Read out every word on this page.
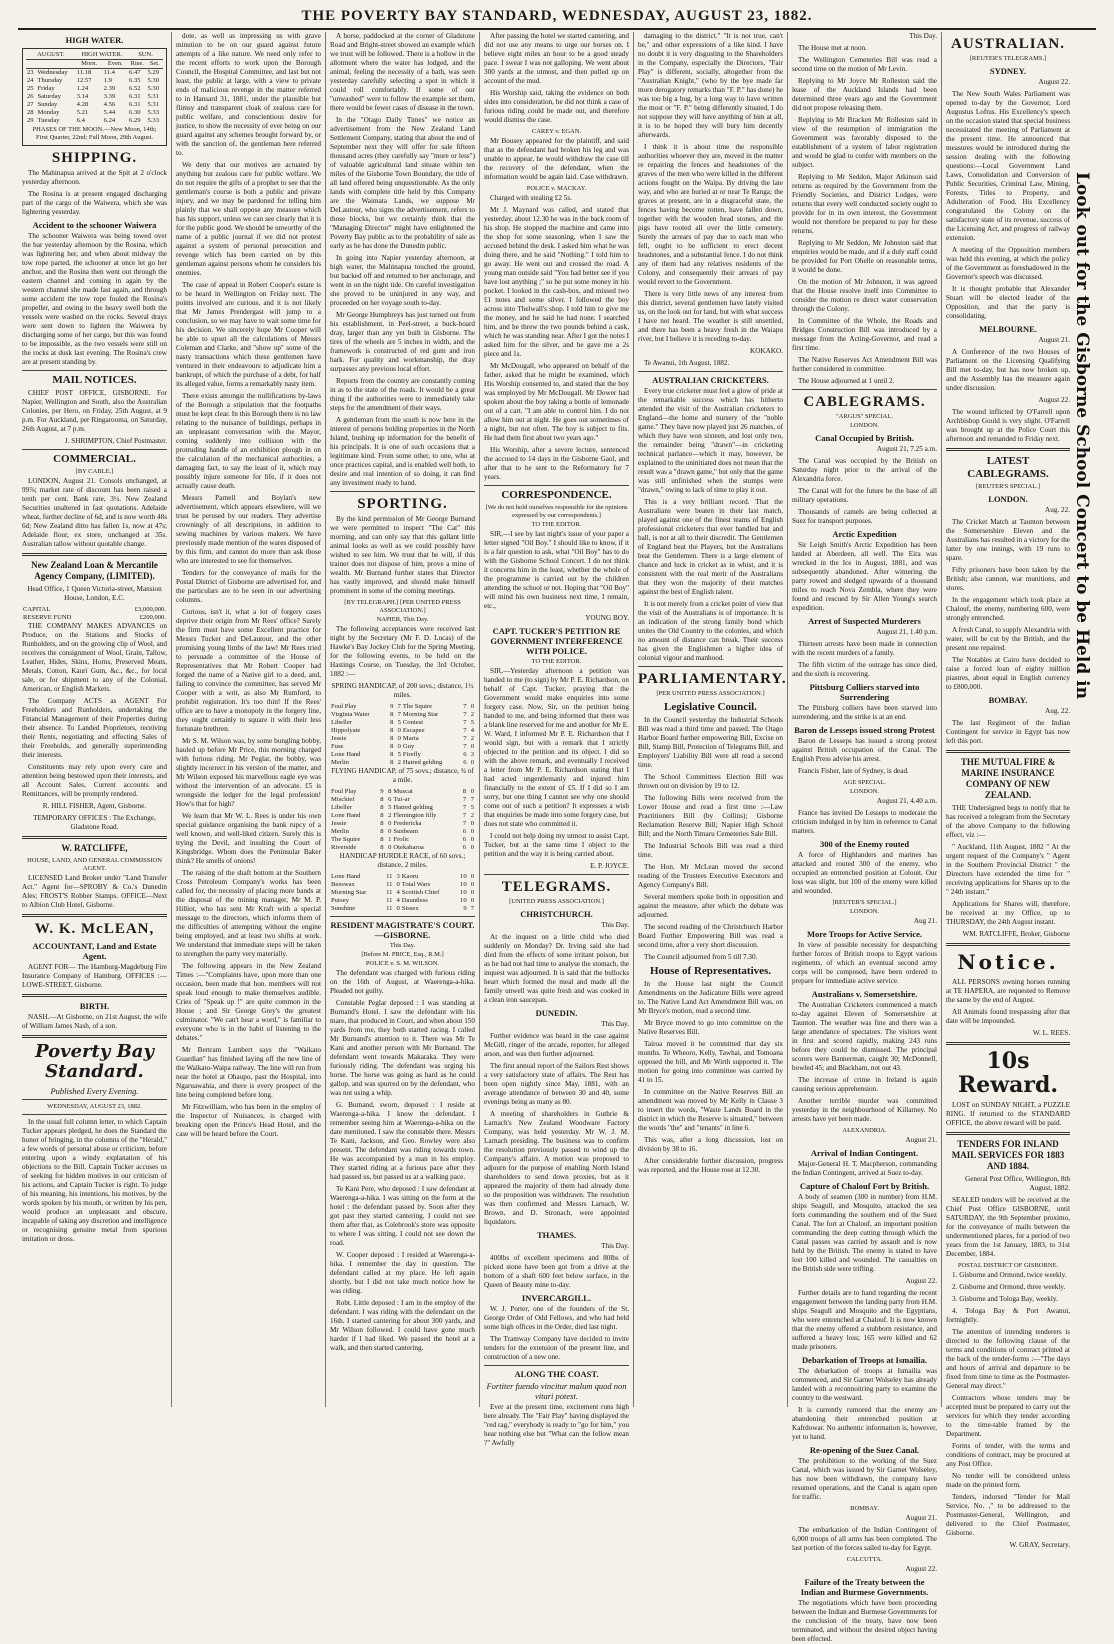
THE POVERTY BAY STANDARD, WEDNESDAY, AUGUST 23, 1882.
HIGH WATER.
AUGUST.		HIGH WATER.		SUN.	
		Morn.	Even.	Rise.	Set.
23	Wednesday	11.18	11.4	6.47	5.29
24	Thursday	12.57	1.9	6.35	5.30
25	Friday	1.24	2.39	6.52	5.30
26	Saturday	3.14	3.39	6.31	5.31
27	Sunday	4.28	4.56	6.31	5.31
28	Monday	5.21	5.44	6.30	5.33
29	Tuesday	6.4	6.24	6.29	5.33
PHASES OF THE MOON.—New Moon, 14th; First Quarter, 22nd; Full Moon, 29th August.
SHIPPING.

The Mahinapua arrived at the Spit at 2 o'clock yesterday afternoon.

The Rosina is at present engaged discharging part of the cargo of the Waiwera, which she was lightering yesterday.

Accident to the schooner Waiwera

The schooner Waiwera was being towed over the bar yesterday afternoon by the Rosina, which was lightering her, and when about midway the tow rope parted, the schooner at once let go her anchor, and the Rosina then went out through the eastern channel and coming in again by the western channel she made fast again, and through some accident the tow rope fouled the Rosina's propeller, and owing to the heavy swell both the vessels were washed on the rocks. Several drays were sent down to lighten the Waiwera by discharging some of her cargo, but this was found to be impossible, as the two vessels were still on the rocks at dusk last evening. The Rosina's crew are at present standing by.

MAIL NOTICES.

CHIEF POST OFFICE, GISBORNE. For Napier, Wellington and South, also the Australian Colonies, per Hero, on Friday, 25th August, at 9 p.m. For Auckland, per Ringarooma, on Saturday, 26th August, at 7 p.m.

J. SHRIMPTON, Chief Postmaster.

COMMERCIAL.
[BY CABLE.]

LONDON, August 21. Consols unchanged, at 99⅞; market rate of discount has been raised a tenth per cent. Bank rate, 3½. New Zealand Securities unaltered in fast quotations. Adelaide wheat, further decline of 6d, and is now worth 48s 6d; New Zealand ditto has fallen 1s, now at 47s; Adelaide flour, ex store, unchanged at 35s. Australian tallow without quotable change.

New Zealand Loan & Mercantile Agency Company, (LIMITED).

Head Office, 1 Queen Victoria-street, Mansion House, London, E.C.

CAPITAL	£3,000,000.
RESERVE FUND	£200,000.

THE COMPANY MAKES ADVANCES on Produce, on the Stations and Stocks of Runholders, and on the growing clip of Wool, and receives the consignment of Wool, Grain, Tallow, Leather, Hides, Skins, Horns, Preserved Meats, Metals, Cotton, Kauri Gum, &c., &c., for local sale, or for shipment to any of the Colonial, American, or English Markets.

The Company ACTS as AGENT For Freeholders and Runholders, undertaking the Financial Management of their Properties during their absence. To Landed Proprietors, receiving their Rents, negotiating and effecting Sales of their Freeholds, and generally superintending their interests.

Constituents may rely upon every care and attention being bestowed upon their interests, and all Account Sales, Current accounts and Remittances, will be promptly rendered.

R. HILL FISHER, Agent, Gisborne.

TEMPORARY OFFICES : The Exchange, Gladstone Road.

W. RATCLIFFE,
HOUSE, LAND, AND GENERAL COMMISSION AGENT.

LICENSED Land Broker under "Land Transfer Act." Agent for—SPROBY & Co.'s Dunedin Ales; FROST'S Robber Stamps. OFFICE—Next to Albion Club Hotel, Gisborne.

W. K. McLEAN,
ACCOUNTANT, Land and Estate Agent.

AGENT FOR— The Hamburg-Magdeburg Fire Insurance Company of Hamburg. OFFICES :—LOWE-STREET, Gisborne.

BIRTH.

NASH.—At Gisborne, on 21st August, the wife of William James Nash, of a son.

Poverty Bay Standard.
Published Every Evening.
WEDNESDAY, AUGUST 23, 1882.

In the usual full column letter, to which Captain Tucker appears pledged, he does the Standard the honor of bringing, in the columns of the "Herald," a few words of personal abuse or criticism, before entering upon a windy explanation of his objections to the Bill. Captain Tucker accuses us of seeking for hidden motives in our criticism of his actions, and Captain Tucker is right. To judge of his meaning, his intentions, his motives, by the words spoken by his mouth, or written by his pen, would produce an unpleasant and obscure, incapable of taking any discretion and intelligence or recognising genuine metal from spurious imitation or dross.

dote, as well as impressing us with grave minution to be on our guard against future attempts of a like nature. We need only refer to the recent efforts to work upon the Borough Council, the Hospital Committee, and last but not least, the public at large, with a view to private ends of malicious revenge in the matter referred to in Hansard 31, 1881, under the plausible but flimsy and transparent cloak of zealous care for public welfare, and conscientious desire for justice, to show the necessity of ever being on our guard against any schemes brought forward by, or with the sanction of, the gentleman here referred to.

We deny that our motives are actuated by anything but zealous care for public welfare. We do not require the gifts of a prophet to see that the gentleman's course is both a public and private injury, and we may be pardoned for telling him plainly that we shall oppose any measure which has his support, unless we can see clearly that it is for the public good. We should be unworthy of the name of a public journal if we did not protest against a system of personal persecution and revenge which has been carried on by this gentleman against persons whom he considers his enemies.

The case of appeal in Robert Cooper's estate is to be heard in Wellington on Friday next. The points involved are curious, and it is not likely that Mr James Prendergast will jump to a conclusion, so we may have to wait some time for his decision. We sincerely hope Mr Cooper will be able to upset all the calculations of Messrs Coleman and Clarke, and "show up" some of the nasty transactions which these gentlemen have ventured in their endeavours to adjudicate him a bankrupt, of which the purchase of a debt, for half its alleged value, forms a remarkably nasty item.

There exists amongst the nullifications by-laws of the Borough a stipulation that the footpaths must be kept clear. In this Borough there is no law relating to the nuisance of buildings, perhaps in an unpleasant conversation with the Mayor, coming suddenly into collision with the protruding handle of an exhibition plough in on the calculation of the mechanical authorities, a damaging fact, to say the least of it, which may possibly injure someone for life, if it does not actually cause death.

Messrs Parnell and Boylan's new advertisement, which appears elsewhere, will we trust be perused by our readers. They advertise crowningly of all descriptions, in addition to sewing machines by various makers. We have previously made mention of the wares disposed of by this firm, and cannot do more than ask those who are interested to see for themselves.

Tenders for the conveyance of mails for the Postal District of Gisborne are advertised for, and the particulars are to be seen in our advertising columns.

Curious, isn't it, what a lot of forgery cases deprive their origin from Mr Rees' office? Surely the firm must have some Excellent practice for Messrs Tucker and DeLautour, and the other promising young limbs of the law! Mr Rees tried to persuade a committee of the House of Representatives that Mr Robert Cooper had forged the name of a Native girl to a deed, and, failing to convince the committee, has served Mr Cooper with a writ, as also Mr Rumford, to prohibit registration. It's too thin! If the Rees' office are to have a monopoly in the forgery line, they ought certainly to square it with their less fortunate brethren.

Mr S. M. Wilson was, by some bungling bobby, hauled up before Mr Price, this morning charged with furious riding. Mr Peglar, the bobby, was slightly incorrect in his version of the matter, and Mr Wilson exposed his marvellous eagle eye was without the intervention of an advocate. £5 is wrongside the ledger for the legal profession! How's that for high?

We learn that Mr W. L. Rees is under his own special guidance organising the bank rupcy of a well known, and well-liked citizen. Surely this is trying the Devil, and insulting the Court of Kingsbridge. Whom does the Peninsular Baker think? He smells of onions!

The raising of the shaft bottom at the Southern Cross Petroleum Company's works has been called for, the necessity of placing more bands at the disposal of the mining manager, Mr M. P. Hilliot, who has sent Mr Kraft with a special message to the directors, which informs them of the difficulties of attempting without the engine being employed, and at least two shifts at work. We understand that immediate steps will be taken to strengthen the party very materially.

The following appears in the New Zealand Times :—"Complaints have, upon more than one occasion, been made that hon. members will not speak loud enough to make themselves audible. Cries of "Speak up !" are quite common in the House ; and Sir George Grey's the greatest culminator. "We can't hear a word," is familiar to everyone who is in the habit of listening to the debates."

Mr Bertram Lambert says the "Waikato Guardian" has finished laying off the new line of the Waikato-Waipa railway. The line will run from near the hotel at Ohaupo, past the Hospital, into Ngaruawahia, and there is every prospect of the line being completed before long.

Mr Fitzwilliam, who has been in the employ of the Inspector of Nuisances, is charged with breaking open the Prince's Head Hotel, and the case will be heard before the Court.

A horse, paddocked at the corner of Gladstone Road and Bright-street showed an example which we trust will be followed. There is a hollow in the allotment where the water has lodged, and the animal, feeling the necessity of a bath, was seen yesterday carefully selecting a spot in which it could roll comfortably. If some of our "unwashed" were to follow the example set them, there would be fewer cases of disease in the town.

In the "Otago Daily Times" we notice an advertisement from the New Zealand Land Settlement Company, stating that about the end of September next they will offer for sale fifteen thousand acres (they carefully say "more or less") of valuable agricultural land situate within ten miles of the Gisborne Town Boundary, the title of all land offered being unquestionable. As the only lands with complete title held by this Company are the Waimata Lands, we suppose Mr DeLautour, who signs the advertisement, refers to those blocks, but we certainly think that the "Managing Director" might have enlightened the Poverty Bay public as to the probability of sale as early as he has done the Dunedin public.

In going into Napier yesterday afternoon, at high water, the Mahinapua touched the ground, but backed off and returned to her anchorage, and went in on the night tide. On careful investigation she proved to be uninjured in any way, and proceeded on her voyage south to-day.

Mr George Humphreys has just turned out from his establishment, in Peel-street, a buck-board dray, larger than any yet built in Gisborne. The tires of the wheels are 5 inches in width, and the framework is constructed of red gum and iron bark. For quality and workmanship, the dray surpasses any previous local effort.

Reports from the country are constantly coming in as to the state of the roads. It would be a great thing if the authorities were to immediately take steps for the amendment of their ways.

A gentleman from the south is now here in the interest of persons holding properties in the North Island, bushing up information for the benefit of his principals. It is one of such occasions that a legitimate kind. From some other, to one, who at once practices capital, and is enabled well both, to desire and real intention of so doing, it can find any investment ready to hand.

SPORTING.

By the kind permission of Mr George Burnand we were permitted to inspect "The Cat" this morning, and can only say that this gallant little animal looks as well as we could possibly have wished to see him. We trust that he will, if this trainer does not dispose of him, prove a mine of wealth. Mr Burnand further states that Director has vastly improved, and should make himself prominent in some of the coming meetings.

[BY TELEGRAPH.] [PER UNITED PRESS ASSOCIATION.]
NAPIER, This Day.

The following acceptances were received last night by the Secretary (Mr F. D. Lucas) of the Hawke's Bay Jockey Club for the Spring Meeting, for the following events, to be held on the Hastings Course, on Tuesday, the 3rd October, 1882 :—

SPRING HANDICAP, of 200 sovs.; distance, 1½ miles.

Foul Play	9	7	The Squire	7	0
Virginia Water	8	7	Morning Star	7	2
Libeller	8	5	Contest	7	5
Hippolyate	8	0	Escapee	7	4
Jessie	8	0	Maria	7	2
Fuse	8	0	Guy	7	0
Lone Hand	8	5	Firefly	6	3
Merlin	8	2	Hatred gelding	6	0

FLYING HANDICAP, of 75 sovs.; distance, ¾ of a mile.

Foul Play	9	8	Muscat	8	0
Mischief	8	6	Tui-ar	7	7
Libeller	8	5	Hatred gelding	7	5
Lone Hand	8	2	Flemington filly	7	2
Jessie	8	0	Fredericka	7	0
Merlin	8	0	Sunbeam	6	0
The Squire	8	1	Frolic	6	0
Riverside	8	0	Otekaharoa	6	0

HANDICAP HURDLE RACE, of 60 sovs.; distance, 2 miles.

Lone Hand	11	3	Kaoru	10	0
Beeswax	11	0	Total Wars	10	0
Morning Star	11	4	Scottish Chief	10	0
Pursey	11	4	Dauntless	10	0
Sunshine	11	0	Sissex	9	7
RESIDENT MAGISTRATE'S COURT.—GISBORNE.
This Day.
[Before M. PRICE, Esq., R.M.]
POLICE v. S. M. WILSON.

The defendant was charged with furious riding on the 16th of August, at Waerenga-a-hika. Pleaded not guilty.

Constable Peglar deposed : I was standing at Burnand's Hotel. I saw the defendant with his mare, that produced in Court, and when about 150 yards from me, they both started racing. I called Mr Burnand's attention to it. There was Mr Te Kani and another person with Mr Burnand. The defendant went towards Makaraka. They were furiously riding. The defendant was urging his horse. The horse was going as hard as he could gallop, and was spurred on by the defendant, who was not using a whip.

G. Burnand, sworn, deposed : I reside at Waerenga-a-hika. I know the defendant. I remember seeing him at Waerenga-a-hika on the date mentioned. I saw the constable there. Messrs Te Kani, Jackson, and Geo. Rowley were also present. The defendant was riding towards town. He was accompanied by a man in his employ. They started riding at a furious pace after they had passed us, but passed us at a walking pace.

Te Kani Pere, who deposed : I saw defendant at Waerenga-a-hika. I was sitting on the form at the hotel : the defendant passed by. Soon after they got past they started cantering. I could not see them after that, as Colebrook's store was opposite to where I was sitting. I could not see down the road.

W. Cooper deposed : I resided at Waerenga-a-hika. I remember the day in question. The defendant called at my place. He left again shortly, but I did not take much notice how he was riding.

Robt. Little deposed : I am in the employ of the defendant. I was riding with the defendant on the 16th. I started cantering for about 300 yards, and Mr Wilson followed. I could have gone much harder if I had liked. We passed the hotel at a walk, and then started cantering.

After passing the hotel we started cantering, and did not use any means to urge our horses on. I believe eight miles an hour to be a good steady pace. I swear I was not galloping. We went about 300 yards at the utmost, and then pulled up on account of the mud.

His Worship said, taking the evidence on both sides into consideration, he did not think a case of furious riding could be made out, and therefore would dismiss the case.

CAREY v. EGAN.

Mr Bousey appeared for the plaintiff, and said that as the defendant had broken his leg and was unable to appear, he would withdraw the case till the recovery of the defendant, when the information would be again laid. Case withdrawn.

POLICE v. MACKAY.

Charged with stealing £2 5s.

Mr J. Maynard was called, and stated that yesterday, about 12.30 he was in the back room of his shop. He stopped the machine and came into the shop for some seasoning, when I saw the accused behind the desk. I asked him what he was doing there, and he said "Nothing." I told him to go away. He went out and crossed the road. A young man outside said "You had better see if you have lost anything ;" so he put some money in his pocket. I looked in the cash-box, and missed two £1 notes and some silver. I followed the boy across into Thelwall's shop. I told him to give me the money, and he said he had none. I searched him, and he threw the two pounds behind a cask, which he was standing near. After I got the notes I asked him for the silver, and he gave me a 2s piece and 1s.

Mr McDougall, who appeared on behalf of the father, asked that he might be examined, which His Worship consented to, and stated that the boy was employed by Mr McDougall. Mr Dower had spoken about the boy taking a bottle of lemonade out of a cart. "I am able to control him. I do not allow him out at night. He goes out sometimes of a night, but not often. The boy is subject to fits. He had them first about two years ago."

His Worship, after a severe lecture, sentenced the accused to 14 days in the Gisborne Gaol, and after that to be sent to the Reformatory for 7 years.

CORRESPONDENCE.
[We do not hold ourselves responsible for the opinions expressed by our correspondents.]
TO THE EDITOR.

SIR,—I see by last night's issue of your paper a letter signed "Oil Boy." I should like to know, if it is a fair question to ask, what "Oil Boy" has to do with the Gisborne School Concert. I do not think it concerns him in the least, whether the whole of the programme is carried out by the children attending the school or not. Hoping that "Oil Boy" will mind his own business next time, I remain, etc.,

YOUNG BOY.

CAPT. TUCKER'S PETITION RE GOVERNMENT INTERFERENCE WITH POLICE.
TO THE EDITOR.

SIR,—Yesterday afternoon a petition was handed to me (to sign) by Mr P. E. Richardson, on behalf of Capt. Tucker, praying that the Government would make enquiries into some forgery case. Now, Sir, on the petition being handed to me, and being informed that there was a blank line reserved for me and another for Mr E. W. Ward, I informed Mr P. E. Richardson that I would sign, but with a remark that I strictly objected to the petition and its object. I did so with the above remark, and eventually I received a letter from Mr P. E. Richardson stating that I had acted ungentlemanly and injured him financially to the extent of £5. If I did so I am sorry, but one thing I cannot see why one should come out of such a petition? It expresses a wish that enquiries be made into some forgery case, but does not state who committed it.

I could not help doing my utmost to assist Capt. Tucker, but at the same time I object to the petition and the way it is being carried about.

E. P. JOYCE.

TELEGRAMS.
[UNITED PRESS ASSOCIATION.]
CHRISTCHURCH.

This Day.

At the inquest on a little child who died suddenly on Monday? Dr. Irving said she had died from the effects of some irritant poison, but as he had not had time to analyse the stomach, the inquest was adjourned. It is said that the bullocks heart which formed the meal and made all the family unwell was quite fresh and was cooked in a clean iron saucepan.

DUNEDIN.

This Day.

Further evidence was heard in the case against McGill, ringer of the arcade, reporter, for alleged arson, and was then further adjourned.

The first annual report of the Sailors Rest shows a very satisfactory state of affairs. The Rest has been open nightly since May, 1881, with an average attendance of between 30 and 40, some evenings being as many as 80.

A meeting of shareholders in Guthrie & Larnach's New Zealand Woodware Factory Company, was held yesterday. Mr W. J. M. Larnach presiding. The business was to confirm the resolution previously passed to wind up the Company's affairs. A motion was proposed to adjourn for the purpose of enabling North Island shareholders to send down proxies, but as it appeared the majority of them had already done so the proposition was withdrawn. The resolution was then confirmed and Messrs Larnach, W. Brown, and D. Stronach, were appointed liquidators.

THAMES.

This Day.

400lbs of excellent specimens and 80lbs of picked stone have been got from a drive at the bottom of a shaft 600 feet below surface, in the Queen of Beauty mine to-day.

INVERCARGILL.

W. J. Porter, one of the founders of the St. George Order of Odd Fellows, and who had held some high offices in the Order, died last night.

The Tramway Company have decided to invite tenders for the extension of the present line, and construction of a new one.

ALONG THE COAST.
Fortiter fuendo vincitur malum quod non vitari potest.

Ever at the present time, excitement runs high here already. The "Fair Play" having displayed the "red rag," everybody is ready to "go for him," you hear nothing else but "What can the fellow mean ?" Awfully

damaging to the district." "It is not true, can't be," and other expressions of a like kind. I have no doubt it is very disgusting to the Shareholders in the Company, especially the Directors, "Fair Play" is different, socially, altogether from the "Australian Knight," (who by the bye made far more derogatory remarks than "F. P." has done) he was too big a bug, by a long way to have written the most or "F. P." being differently situated, I do not suppose they will have anything of him at all, it is to be hoped they will bury him decently afterwards.

I think it is about time the responsible authorities whoever they are, moved in the matter re repairing the fences and headstones of the graves of the men who were killed in the different actions fought on the Waipa. By driving the late way, and who are buried at or near Te Ranga; the graves at present, are in a disgraceful state, the fences having become rotten, have fallen down, together with the wooden head stones, and the pigs have rooted all over the little cemetery. Surely the arrears of pay due to each man who fell, ought to be sufficient to erect decent headstones, and a substantial fence. I do not think any of them had any relatives residents of the Colony, and consequently their arrears of pay would revert to the Government.

There is very little news of any interest from this district, several gentlemen have lately visited us, on the look out for land, but with what success I have not heard. The weather is still unsettled, and there has been a heavy fresh in the Waiapu river, but I believe it is receding to-day.

KOKAKO.

Te Awanui, 1th August, 1882.

AUSTRALIAN CRICKETERS.

Every true cricketer must feel a glow of pride at the remarkable success which has hitherto attended the visit of the Australian cricketers to England—the home and nursery of the "noble game." They have now played just 26 matches, of which they have won sixteen, and lost only two, the remainder being "drawn"—in cricketing technical parlance—which it may, however, be explained to the uninitiated does not mean that the result was a "drawn game," but only that the game was still unfinished when the stumps were "drawn," owing to lack of time to play it out.

This is a very brilliant record. That the Australians were beaten in their last match, played against one of the finest teams of English professional cricketers that ever handled bat and ball, is not at all to their discredit. The Gentlemen of England beat the Players, but the Australians beat the Gentlemen. There is a large element of chance and luck in cricket as in whist, and it is consistent with the real merit of the Australians that they won the majority of their matches against the best of English talent.

It is not merely from a cricket point of view that the visit of the Australians is of importance. It is an indication of the strong family bond which unites the Old Country to the colonies, and which no amount of distance can break. Their success has given the Englishmen a higher idea of colonial vigour and manhood.

PARLIAMENTARY.
[PER UNITED PRESS ASSOCIATION.]
Legislative Council.

In the Council yesterday the Industrial Schools Bill was read a third time and passed. The Otago Harbor Board further empowering Bill, Excise on Bill, Stamp Bill, Protection of Telegrams Bill, and Employers' Liability Bill were all read a second time.

The School Committees Election Bill was thrown out on division by 19 to 12.

The following Bills were received from the Lower House and read a first time :—Law Practitioners Bill (by Collins); Gisborne Reclamation Reserve Bill; Napier High School Bill; and the North Timaru Cemeteries Sale Bill.

The Industrial Schools Bill was read a third time.

The Hon. Mr McLean moved the second reading of the Trustees Executive Executors and Agency Company's Bill.

Several members spoke both in opposition and against the measure, after which the debate was adjourned.

The second reading of the Christchurch Harbor Board Further Empowering Bill was read a second time, after a very short discussion.

The Council adjourned from 5 till 7.30.

House of Representatives.

In the House last night the Council Amendments on the Judicature Bills were agreed to. The Native Land Act Amendment Bill was, on Mr Bryce's motion, read a second time.

Mr Bryce moved to go into committee on the Native Reserves Bill.

Tairoa moved it be committed that day six months. Te Wheoro, Kelly, Tawhai, and Tomoana opposed the bill, and Mr Wirth supported it. The motion for going into committee was carried by 41 to 15.

In committee on the Native Reserves Bill an amendment was moved by Mr Kelly in Clause 3 to insert the words, "Waste Lands Board in the district in which the Reserve is situated," between the words "the" and "tenants" in line 6.

This was, after a long discussion, lost on division by 38 to 16.

After considerable further discussion, progress was reported, and the House rose at 12.30.

This Day.

The House met at noon.

The Wellington Cemeteries Bill was read a second time on the motion of Mr Levin.

Replying to Mr Joyce Mr Rolleston said the lease of the Auckland Islands had been determined three years ago and the Government did not propose releasing them.

Replying to Mr Bracken Mr Rolleston said in view of the resumption of immigration the Government was favorably disposed to the establishment of a system of labor registration and would be glad to confer with members on the subject.

Replying to Mr Seddon, Major Atkinson said returns as required by the Government from the Friendly Societies, and District Lodges, were returns that every well conducted society ought to provide for in its own interest, the Government would not therefore be prepared to pay for these returns.

Replying to Mr Seddon, Mr Johnston said that enquiries would be made, and if a duly staff could be provided for Port Ohelle on reasonable terms, it would be done.

On the motion of Mr Johnston, it was agreed that the House resolve itself into Committee to consider the motion re direct water conservation through the Colony.

In Committee of the Whole, the Roads and Bridges Construction Bill was introduced by a message from the Acting-Governor, and read a first time.

The Native Reserves Act Amendment Bill was further considered in committee.

The House adjourned at 1 until 2.

CABLEGRAMS.
"ARGUS" SPECIAL.
LONDON.
Canal Occupied by British.

August 21, 7.25 a.m.

The Canal was occupied by the British on Saturday night prior to the arrival of the Alexandria force.

The Canal will for the future be the base of all military operations.

Thousands of camels are being collected at Suez for transport purposes.

Arctic Expedition

Sir Leigh Smith's Arctic Expedition has been landed at Aberdeen, all well. The Eira was wrecked in the Ice in August, 1881, and was subsequently abandoned. After wintering the party rowed and sledged upwards of a thousand miles to reach Nova Zembla, where they were found and rescued by Sir Allen Young's search expedition.

Arrest of Suspected Murderers

August 21, 1.40 p.m.

Thirteen arrests have been made in connection with the recent murders of a family.

The fifth victim of the outrage has since died, and the sixth is recovering.

Pittsburg Colliers starved into Surrendering

The Pittsburg colliers have been starved into surrendering, and the strike is at an end.

Baron de Lesseps issued strong Protest

Baron de Lesseps has issued a strong protest against British occupation of the Canal. The English Press advise his arrest.

Francis Fisher, late of Sydney, is dead.

AGE SPECIAL.
LONDON.

August 21, 4.40 a.m.

France has invited De Lesseps to moderate the criticism indulged in by him in reference to Canal matters.

300 of the Enemy routed

A force of Highlanders and marines has attacked and routed 300 of the enemy, who occupied an entrenched position at Colouit. Our loss was slight, but 100 of the enemy were killed and wounded.

[REUTER'S SPECIAL.]
LONDON.

Aug 21.

More Troops for Active Service.

In view of possible necessity for despatching further forces of British troops to Egypt various regiments, of which an eventual second army corps will be composed, have been ordered to prepare for immediate active service.

Australians v. Somersetshire.

The Australian Cricketers commenced a match to-day against Eleven of Somersetshire at Taunton. The weather was fine and there was a large attendance of spectators. The visitors went in first and scored rapidly, making 243 runs before they could be dismissed. The principal scorers were Bannerman, caught 30; McDonnell, bowled 45; and Blackham, not out 43.

The increase of crime in Ireland is again causing serious apprehension.

Another terrible murder was committed yesterday in the neighbourhood of Killarney. No arrests have yet been made.

ALEXANDRIA.

August 21.

Arrival of Indian Contingent.

Major-General H. T. Macpherson, commanding the Indian Contingent, arrived at Suez to-day.

Capture of Chalouf Fort by British.

A body of seamen (300 in number) from H.M. ships Seagull, and Mosquito, attacked the sea forts commanding the southern end of the Suez Canal. The fort at Chalouf, an important position commanding the deep cutting through which the Canal passes was carried by assault and is now held by the British. The enemy is stated to have lost 100 killed and wounded. The casualties on the British side were trifling.

August 22.

Further details are to hand regarding the recent engagement between the landing party from H.M. ships Seagull and Mosquito and the Egyptians, who were entrenched at Chalouf. It is now known that the enemy offered a stubborn resistance, and suffered a heavy loss; 165 were killed and 62 made prisoners.

Debarkation of Troops at Ismailia.

The debarkation of troops at Ismailia was commenced, and Sir Garnet Wolseley has already landed with a reconnoitring party to examine the country to the westward.

It is currently rumored that the enemy are abandoning their entrenched position at Kafrdowar. No authentic information is, however, yet to hand.

Re-opening of the Suez Canal.

The prohibition to the working of the Suez Canal, which was issued by Sir Garnet Wolseley, has now been withdrawn, the company have resumed operations, and the Canal is again open for traffic.

BOMBAY.

August 21.

The embarkation of the Indian Contingent of 6,000 troops of all arms has been completed. The last portion of the forces sailed to-day for Egypt.

CALCUTTA.

August 22.

Failure of the Treaty between the Indian and Burmese Governments.

The negotiations which have been proceeding between the Indian and Burmese Governments for the conclusion of the treaty, have now been terminated, and without the desired object having been effected.

AUSTRALIAN.
[REUTER'S TELEGRAMS.]
SYDNEY.

August 22.

The New South Wales Parliament was opened to-day by the Governor, Lord Augustus Loftus. His Excellency's speech on the occasion stated that special business necessitated the meeting of Parliament at the present time. He announced that measures would be introduced during the session dealing with the following questions:—Local Government Land Laws, Consolidation and Conversion of Public Securities, Criminal Law, Mining, Forests, Titles to Property, and Adulteration of Food. His Excellency congratulated the Colony on the satisfactory state of its revenue, success of the Licensing Act, and progress of railway extension.

A meeting of the Opposition members was held this evening, at which the policy of the Government as foreshadowed in the Governor's speech was discussed.

It is thought probable that Alexander Stuart will be elected leader of the Opposition, and that the party is consolidating.

MELBOURNE.

August 21.

A Conference of the two Houses of Parliament on the Licensing Qualifying Bill met to-day, but has now broken up, and the Assembly has the measure again under discussion.

August 22.

The wound inflicted by O'Farrell upon Archbishop Gould is very slight. O'Farrell was brought up at the Police Court this afternoon and remanded to Friday next.

LATEST CABLEGRAMS.
[REUTER'S SPECIAL.]
LONDON.

Aug. 22.

The Cricket Match at Taunton between the Somersetshire Eleven and the Australians has resulted in a victory for the latter by one innings, with 19 runs to spare.

Fifty prisoners have been taken by the British; also cannon, war munitions, and stores.

In the engagement which took place at Chalouf, the enemy, numbering 600, were strongly entrenched.

A fresh Canal, to supply Alexandria with water, will be cut by the British, and the present one repaired.

The Notables at Cairo have decided to raise a forced loan of eighty million piastres, about equal in English currency to £800,000.

BOMBAY.

Aug. 22.

The last Regiment of the Indian Contingent for service in Egypt has now left this port.

THE MUTUAL FIRE & MARINE INSURANCE COMPANY OF NEW ZEALAND.

THE Undersigned begs to notify that he has received a telegram from the Secretary of the above Company to the following effect, viz :—

" Auckland, 11th August, 1882 " At the urgent request of the Company's " Agent in the Southern Provincial District " the Directors have extended the time for " receiving applications for Shares up to the " 24th instant."

Applications for Shares will, therefore, be received at my Office, up to THURSDAY, the 24th August instant.

WM. RATCLIFFE, Broker, Gisborne

Notice.

ALL PERSONS owning horses running at TE HAPERA, are requested to Remove the same by the end of August.

All Animals found trespassing after that date will be impounded.

W. L. REES.

10s Reward.

LOST on SUNDAY NIGHT, a PUZZLE RING. If returned to the STANDARD OFFICE, the above reward will be paid.

TENDERS FOR INLAND MAIL SERVICES FOR 1883 AND 1884.

General Post Office, Wellington, 8th August, 1882.

SEALED tenders will be received at the Chief Post Office GISBORNE, until SATURDAY, the 9th September proximo, for the conveyance of mails between the undermentioned places, for a period of two years from the 1st January, 1883, to 31st December, 1884.

POSTAL DISTRICT OF GISBORNE.

1. Gisborne and Ormond, twice weekly.

2. Gisborne and Ormond, three weekly.

3. Gisborne and Tologa Bay, weekly.

4. Tologa Bay & Port Awanui, fortnightly.

The attention of intending tenderers is directed to the following clause of the terms and conditions of contract printed at the back of the tender-forms :—"The days and hours of arrival and departure to be fixed from time to time as the Postmaster-General may direct."

Contractors whose tenders may be accepted must be prepared to carry out the services for which they tender according to the time-table framed by the Department.

Forms of tender, with the terms and conditions of contract, may be procured at any Post Office.

No tender will be considered unless made on the printed form.

Tenders, indorsed "Tender for Mail Service, No. ," to be addressed to the Postmaster-General, Wellington, and delivered to the Chief Postmaster, Gisborne.

W. GRAY, Secretary.

Look out for the Gisborne School Concert to be Held in
